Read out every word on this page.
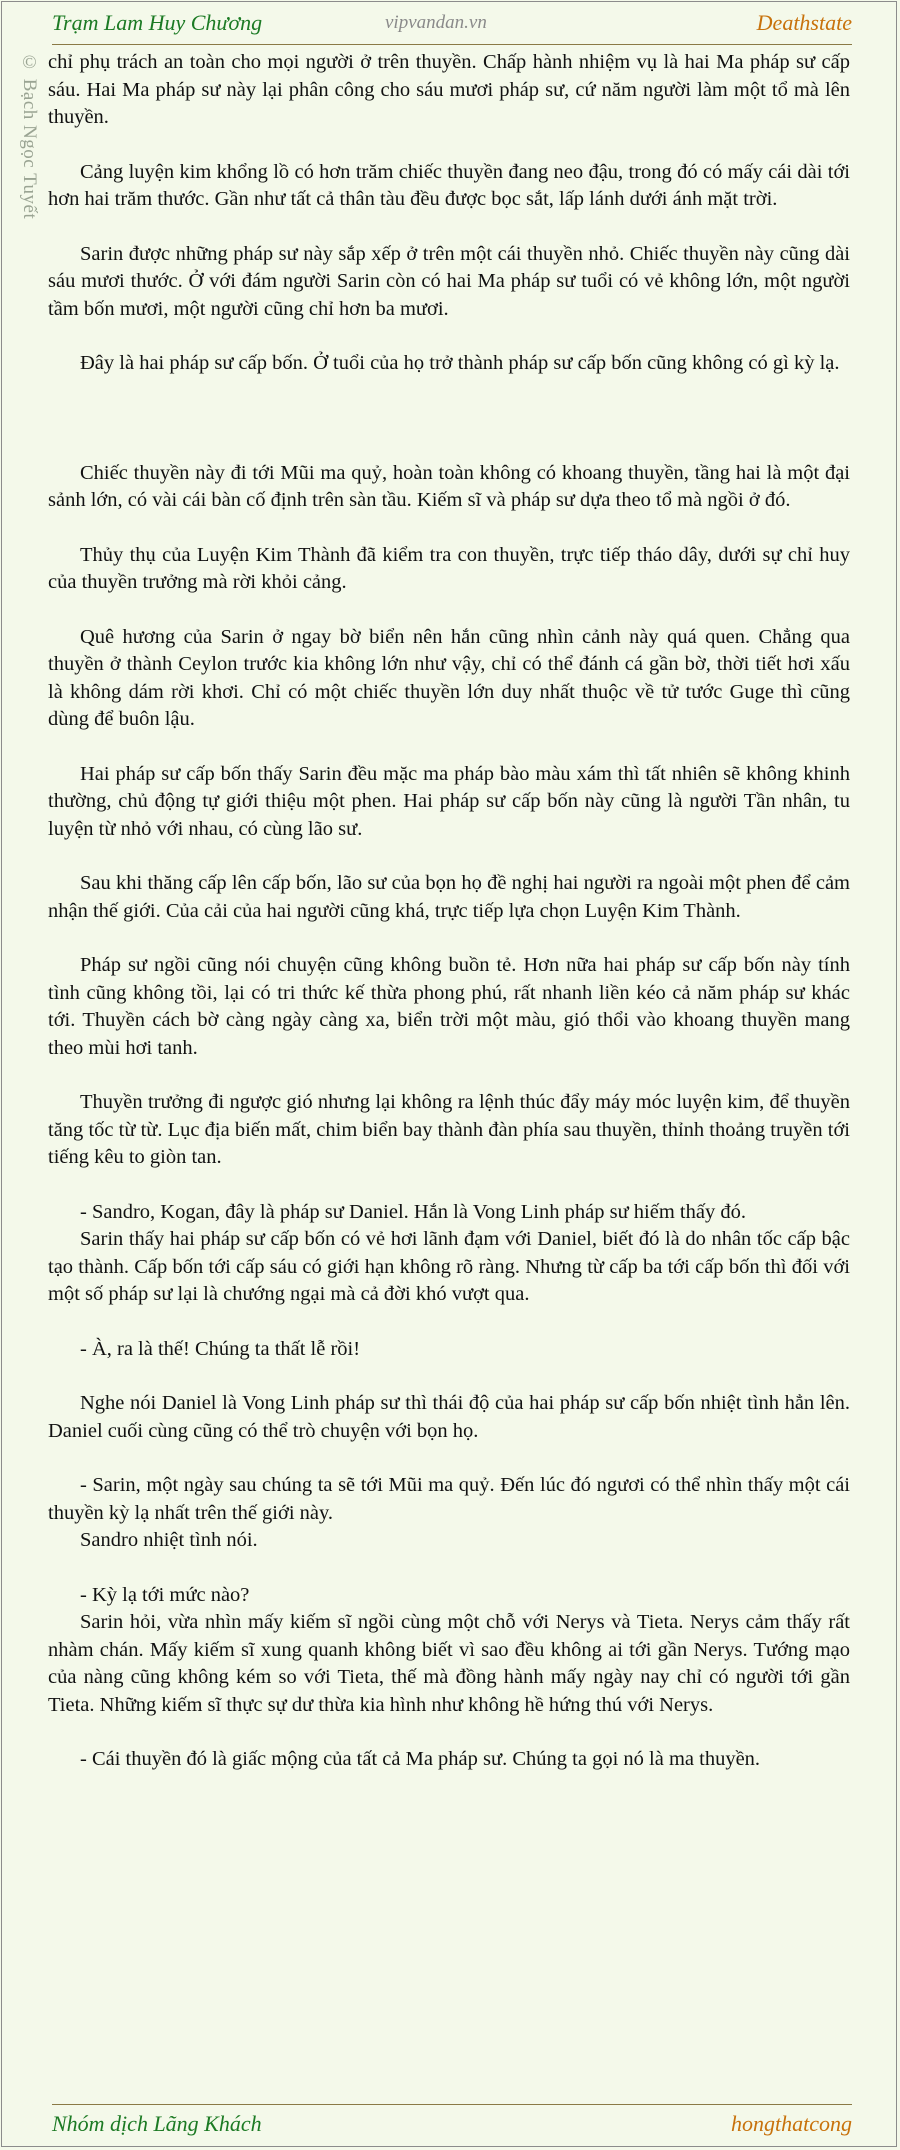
Trạm Lam Huy Chương	vipvandan.vn	Deathstate
© Bạch Ngọc Tuyết chỉ phụ trách an toàn cho mọi người ở trên thuyền. Chấp hành nhiệm vụ là hai Ma pháp sư cấp sáu. Hai Ma pháp sư này lại phân công cho sáu mươi pháp sư, cứ năm người làm một tổ mà lên thuyền.

Cảng luyện kim khổng lồ có hơn trăm chiếc thuyền đang neo đậu, trong đó có mấy cái dài tới hơn hai trăm thước. Gần như tất cả thân tàu đều được bọc sắt, lấp lánh dưới ánh mặt trời.

Sarin được những pháp sư này sắp xếp ở trên một cái thuyền nhỏ. Chiếc thuyền này cũng dài sáu mươi thước. Ở với đám người Sarin còn có hai Ma pháp sư tuổi có vẻ không lớn, một người tầm bốn mươi, một người cũng chỉ hơn ba mươi.

Đây là hai pháp sư cấp bốn. Ở tuổi của họ trở thành pháp sư cấp bốn cũng không có gì kỳ lạ.

Chiếc thuyền này đi tới Mũi ma quỷ, hoàn toàn không có khoang thuyền, tầng hai là một đại sảnh lớn, có vài cái bàn cố định trên sàn tầu. Kiếm sĩ và pháp sư dựa theo tổ mà ngồi ở đó.

Thủy thụ của Luyện Kim Thành đã kiểm tra con thuyền, trực tiếp tháo dây, dưới sự chỉ huy của thuyền trưởng mà rời khỏi cảng.

Quê hương của Sarin ở ngay bờ biển nên hắn cũng nhìn cảnh này quá quen. Chẳng qua thuyền ở thành Ceylon trước kia không lớn như vậy, chỉ có thể đánh cá gần bờ, thời tiết hơi xấu là không dám rời khơi. Chỉ có một chiếc thuyền lớn duy nhất thuộc về tử tước Guge thì cũng dùng để buôn lậu.

Hai pháp sư cấp bốn thấy Sarin đều mặc ma pháp bào màu xám thì tất nhiên sẽ không khinh thường, chủ động tự giới thiệu một phen. Hai pháp sư cấp bốn này cũng là người Tần nhân, tu luyện từ nhỏ với nhau, có cùng lão sư.

Sau khi thăng cấp lên cấp bốn, lão sư của bọn họ đề nghị hai người ra ngoài một phen để cảm nhận thế giới. Của cải của hai người cũng khá, trực tiếp lựa chọn Luyện Kim Thành.

Pháp sư ngồi cũng nói chuyện cũng không buồn tẻ. Hơn nữa hai pháp sư cấp bốn này tính tình cũng không tồi, lại có tri thức kế thừa phong phú, rất nhanh liền kéo cả năm pháp sư khác tới. Thuyền cách bờ càng ngày càng xa, biển trời một màu, gió thổi vào khoang thuyền mang theo mùi hơi tanh.

Thuyền trưởng đi ngược gió nhưng lại không ra lệnh thúc đẩy máy móc luyện kim, để thuyền tăng tốc từ từ. Lục địa biến mất, chim biển bay thành đàn phía sau thuyền, thỉnh thoảng truyền tới tiếng kêu to giòn tan.

- Sandro, Kogan, đây là pháp sư Daniel. Hắn là Vong Linh pháp sư hiếm thấy đó.

Sarin thấy hai pháp sư cấp bốn có vẻ hơi lãnh đạm với Daniel, biết đó là do nhân tốc cấp bậc tạo thành. Cấp bốn tới cấp sáu có giới hạn không rõ ràng. Nhưng từ cấp ba tới cấp bốn thì đối với một số pháp sư lại là chướng ngại mà cả đời khó vượt qua.

- À, ra là thế! Chúng ta thất lễ rồi!

Nghe nói Daniel là Vong Linh pháp sư thì thái độ của hai pháp sư cấp bốn nhiệt tình hẳn lên. Daniel cuối cùng cũng có thể trò chuyện với bọn họ.

- Sarin, một ngày sau chúng ta sẽ tới Mũi ma quỷ. Đến lúc đó ngươi có thể nhìn thấy một cái thuyền kỳ lạ nhất trên thế giới này.

Sandro nhiệt tình nói.

- Kỳ lạ tới mức nào?

Sarin hỏi, vừa nhìn mấy kiếm sĩ ngồi cùng một chỗ với Nerys và Tieta. Nerys cảm thấy rất nhàm chán. Mấy kiếm sĩ xung quanh không biết vì sao đều không ai tới gần Nerys. Tướng mạo của nàng cũng không kém so với Tieta, thế mà đồng hành mấy ngày nay chỉ có người tới gần Tieta. Những kiếm sĩ thực sự dư thừa kia hình như không hề hứng thú với Nerys.

- Cái thuyền đó là giấc mộng của tất cả Ma pháp sư. Chúng ta gọi nó là ma thuyền.

Nhóm dịch Lãng Khách	hongthatcong
